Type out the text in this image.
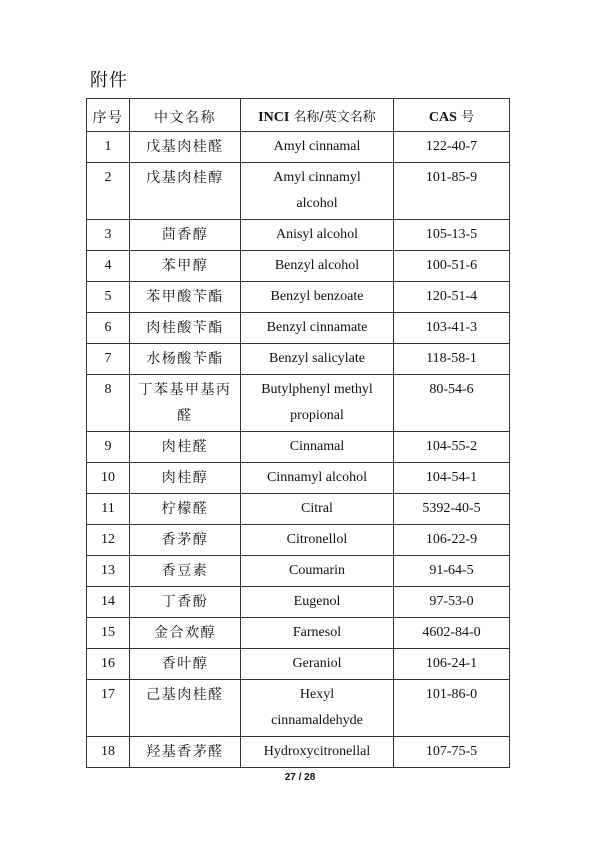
附件
序号	中文名称	INCI 名称/英文名称	CAS 号
1	戊基肉桂醛	Amyl cinnamal	122-40-7
2	戊基肉桂醇	Amyl cinnamyl alcohol	101-85-9
3	茴香醇	Anisyl alcohol	105-13-5
4	苯甲醇	Benzyl alcohol	100-51-6
5	苯甲酸苄酯	Benzyl benzoate	120-51-4
6	肉桂酸苄酯	Benzyl cinnamate	103-41-3
7	水杨酸苄酯	Benzyl salicylate	118-58-1
8	丁苯基甲基丙醛	Butylphenyl methyl propional	80-54-6
9	肉桂醛	Cinnamal	104-55-2
10	肉桂醇	Cinnamyl alcohol	104-54-1
11	柠檬醛	Citral	5392-40-5
12	香茅醇	Citronellol	106-22-9
13	香豆素	Coumarin	91-64-5
14	丁香酚	Eugenol	97-53-0
15	金合欢醇	Farnesol	4602-84-0
16	香叶醇	Geraniol	106-24-1
17	己基肉桂醛	Hexyl cinnamaldehyde	101-86-0
18	羟基香茅醛	Hydroxycitronellal	107-75-5
27 / 28
